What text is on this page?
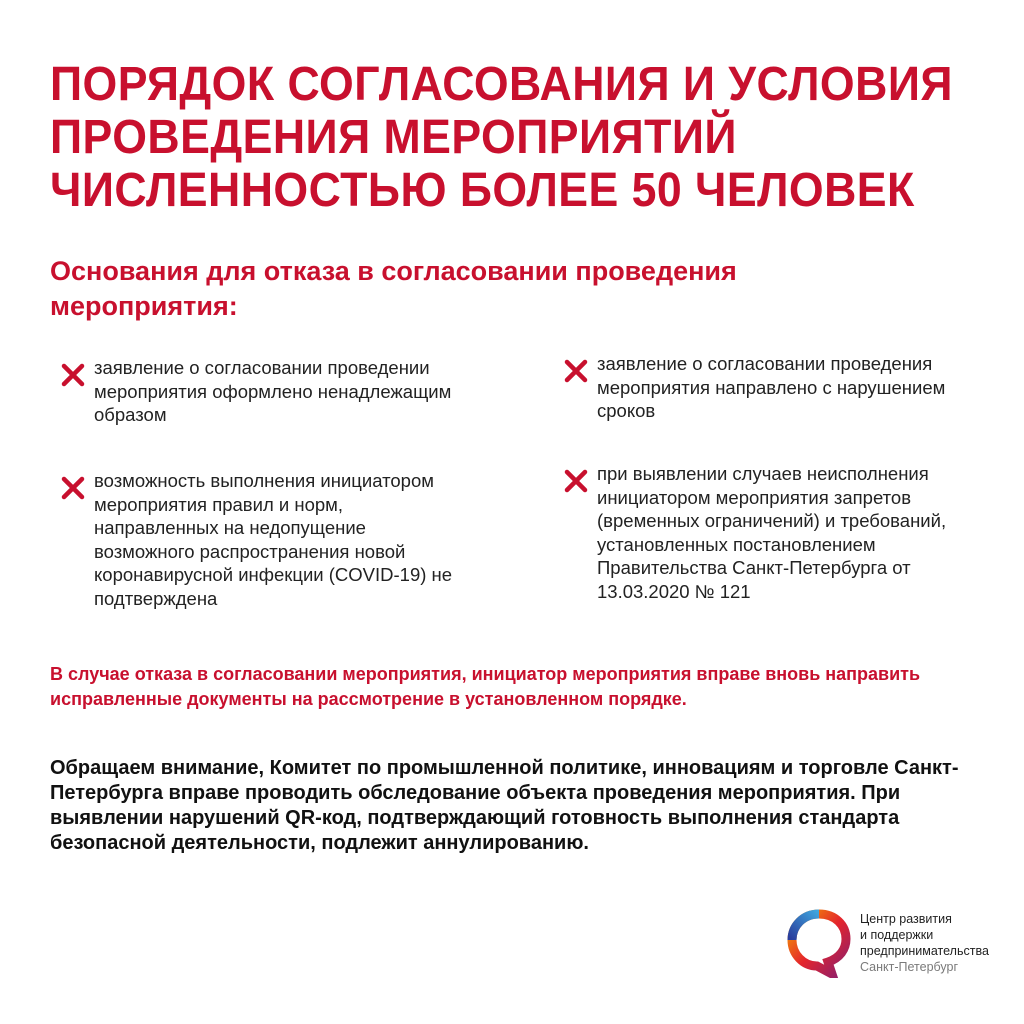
ПОРЯДОК СОГЛАСОВАНИЯ И УСЛОВИЯ
ПРОВЕДЕНИЯ МЕРОПРИЯТИЙ
ЧИСЛЕННОСТЬЮ БОЛЕЕ 50 ЧЕЛОВЕК
Основания для отказа в согласовании проведения мероприятия:
заявление о согласовании проведении мероприятия оформлено ненадлежащим образом
заявление о согласовании проведения мероприятия направлено с нарушением сроков
возможность выполнения инициатором мероприятия правил и норм, направленных на недопущение возможного распространения новой коронавирусной инфекции (COVID-19) не подтверждена
при выявлении случаев неисполнения инициатором мероприятия запретов (временных ограничений) и требований, установленных постановлением Правительства Санкт-Петербурга от 13.03.2020 № 121

В случае отказа в согласовании мероприятия, инициатор мероприятия вправе вновь направить исправленные документы на рассмотрение в установленном порядке.

Обращаем внимание, Комитет по промышленной политике, инновациям и торговле Санкт-Петербурга вправе проводить обследование объекта проведения мероприятия. При выявлении нарушений QR-код, подтверждающий готовность выполнения стандарта безопасной деятельности, подлежит аннулированию.

Центр развития
и поддержки
предпринимательства
Санкт-Петербург
